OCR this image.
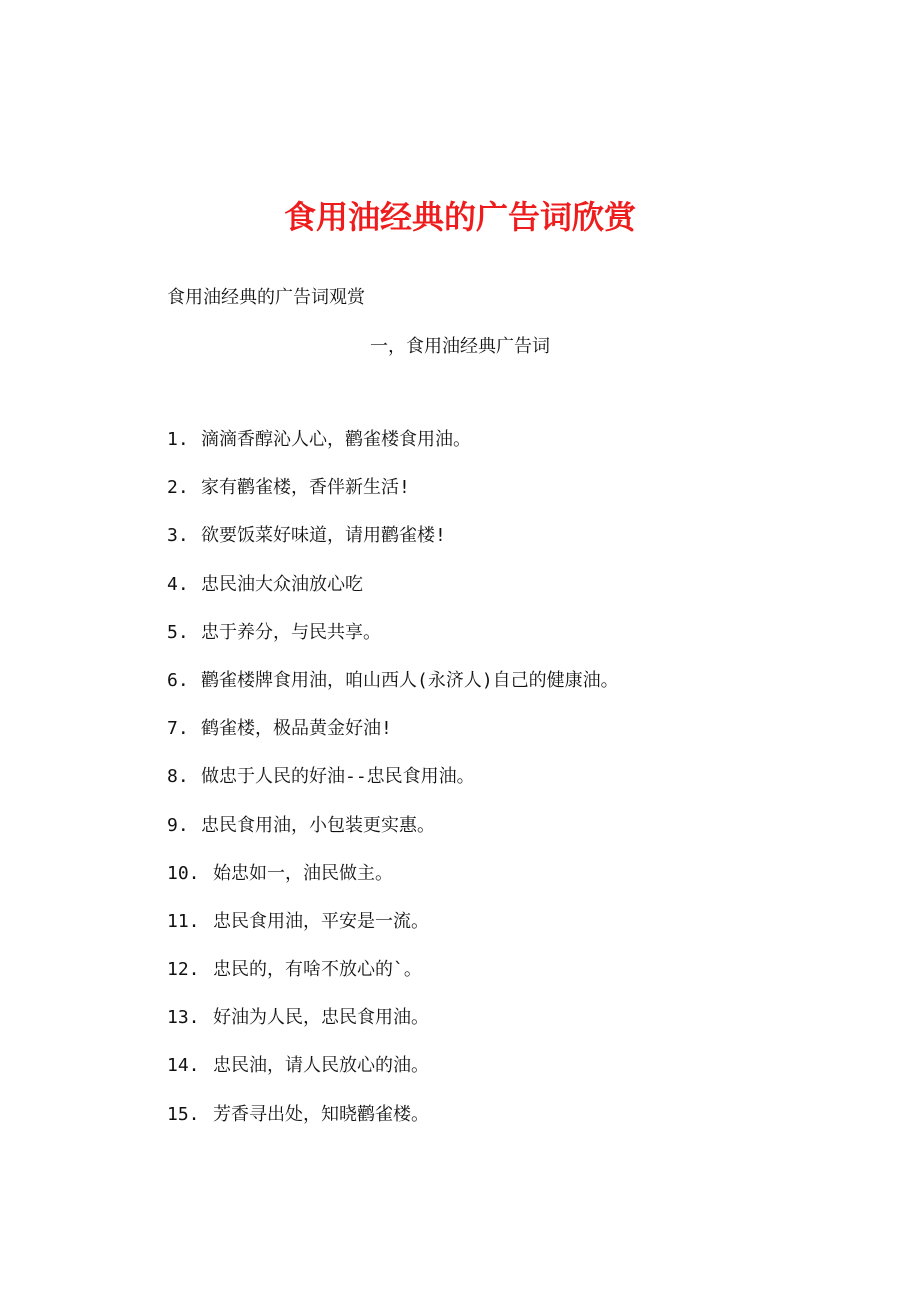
食用油经典的广告词欣赏

食用油经典的广告词观赏

一，食用油经典广告词

1. 滴滴香醇沁人心，鹳雀楼食用油。
2. 家有鹳雀楼，香伴新生活!
3. 欲要饭菜好味道，请用鹳雀楼!
4. 忠民油大众油放心吃
5. 忠于养分，与民共享。
6. 鹳雀楼牌食用油，咱山西人(永济人)自己的健康油。
7. 鹤雀楼，极品黄金好油!
8. 做忠于人民的好油--忠民食用油。
9. 忠民食用油，小包装更实惠。
10. 始忠如一，油民做主。
11. 忠民食用油，平安是一流。
12. 忠民的，有啥不放心的`。
13. 好油为人民，忠民食用油。
14. 忠民油，请人民放心的油。
15. 芳香寻出处，知晓鹳雀楼。
